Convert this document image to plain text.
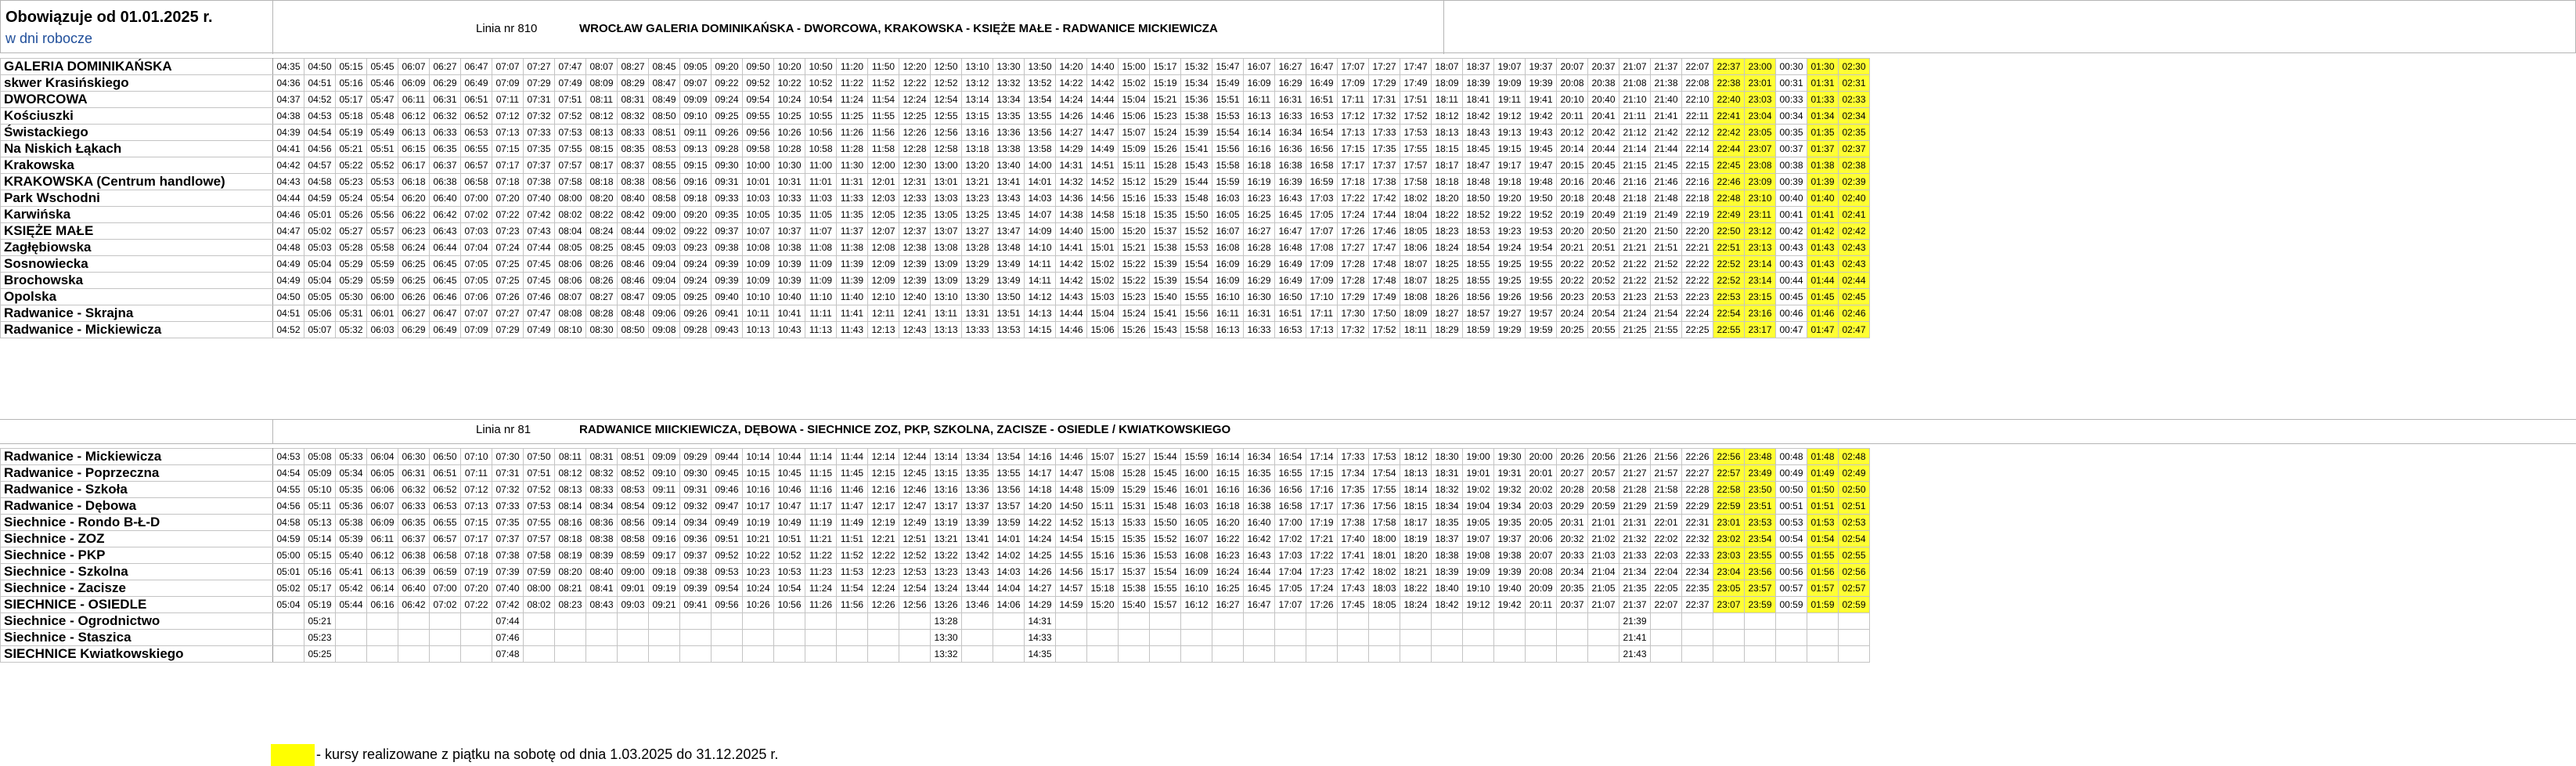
Obowiązuje od 01.01.2025 r.
w dni robocze
Linia nr 810	WROCŁAW GALERIA DOMINIKAŃSKA - DWORCOWA, KRAKOWSKA - KSIĘŻE MAŁE - RADWANICE MICKIEWICZA
GALERIA DOMINIKAŃSKA	04:35	04:50	05:15	05:45	06:07	06:27	06:47	07:07	07:27	07:47	08:07	08:27	08:45	09:05	09:20	09:50	10:20	10:50	11:20	11:50	12:20	12:50	13:10	13:30	13:50	14:20	14:40	15:00	15:17	15:32	15:47	16:07	16:27	16:47	17:07	17:27	17:47	18:07	18:37	19:07	19:37	20:07	20:37	21:07	21:37	22:07	22:37	23:00	00:30	01:30	02:30
skwer Krasińskiego	04:36	04:51	05:16	05:46	06:09	06:29	06:49	07:09	07:29	07:49	08:09	08:29	08:47	09:07	09:22	09:52	10:22	10:52	11:22	11:52	12:22	12:52	13:12	13:32	13:52	14:22	14:42	15:02	15:19	15:34	15:49	16:09	16:29	16:49	17:09	17:29	17:49	18:09	18:39	19:09	19:39	20:08	20:38	21:08	21:38	22:08	22:38	23:01	00:31	01:31	02:31
DWORCOWA	04:37	04:52	05:17	05:47	06:11	06:31	06:51	07:11	07:31	07:51	08:11	08:31	08:49	09:09	09:24	09:54	10:24	10:54	11:24	11:54	12:24	12:54	13:14	13:34	13:54	14:24	14:44	15:04	15:21	15:36	15:51	16:11	16:31	16:51	17:11	17:31	17:51	18:11	18:41	19:11	19:41	20:10	20:40	21:10	21:40	22:10	22:40	23:03	00:33	01:33	02:33
Kościuszki	04:38	04:53	05:18	05:48	06:12	06:32	06:52	07:12	07:32	07:52	08:12	08:32	08:50	09:10	09:25	09:55	10:25	10:55	11:25	11:55	12:25	12:55	13:15	13:35	13:55	14:26	14:46	15:06	15:23	15:38	15:53	16:13	16:33	16:53	17:12	17:32	17:52	18:12	18:42	19:12	19:42	20:11	20:41	21:11	21:41	22:11	22:41	23:04	00:34	01:34	02:34
Świstackiego	04:39	04:54	05:19	05:49	06:13	06:33	06:53	07:13	07:33	07:53	08:13	08:33	08:51	09:11	09:26	09:56	10:26	10:56	11:26	11:56	12:26	12:56	13:16	13:36	13:56	14:27	14:47	15:07	15:24	15:39	15:54	16:14	16:34	16:54	17:13	17:33	17:53	18:13	18:43	19:13	19:43	20:12	20:42	21:12	21:42	22:12	22:42	23:05	00:35	01:35	02:35
Na Niskich Łąkach	04:41	04:56	05:21	05:51	06:15	06:35	06:55	07:15	07:35	07:55	08:15	08:35	08:53	09:13	09:28	09:58	10:28	10:58	11:28	11:58	12:28	12:58	13:18	13:38	13:58	14:29	14:49	15:09	15:26	15:41	15:56	16:16	16:36	16:56	17:15	17:35	17:55	18:15	18:45	19:15	19:45	20:14	20:44	21:14	21:44	22:14	22:44	23:07	00:37	01:37	02:37
Krakowska	04:42	04:57	05:22	05:52	06:17	06:37	06:57	07:17	07:37	07:57	08:17	08:37	08:55	09:15	09:30	10:00	10:30	11:00	11:30	12:00	12:30	13:00	13:20	13:40	14:00	14:31	14:51	15:11	15:28	15:43	15:58	16:18	16:38	16:58	17:17	17:37	17:57	18:17	18:47	19:17	19:47	20:15	20:45	21:15	21:45	22:15	22:45	23:08	00:38	01:38	02:38
KRAKOWSKA (Centrum handlowe)	04:43	04:58	05:23	05:53	06:18	06:38	06:58	07:18	07:38	07:58	08:18	08:38	08:56	09:16	09:31	10:01	10:31	11:01	11:31	12:01	12:31	13:01	13:21	13:41	14:01	14:32	14:52	15:12	15:29	15:44	15:59	16:19	16:39	16:59	17:18	17:38	17:58	18:18	18:48	19:18	19:48	20:16	20:46	21:16	21:46	22:16	22:46	23:09	00:39	01:39	02:39
Park Wschodni	04:44	04:59	05:24	05:54	06:20	06:40	07:00	07:20	07:40	08:00	08:20	08:40	08:58	09:18	09:33	10:03	10:33	11:03	11:33	12:03	12:33	13:03	13:23	13:43	14:03	14:36	14:56	15:16	15:33	15:48	16:03	16:23	16:43	17:03	17:22	17:42	18:02	18:20	18:50	19:20	19:50	20:18	20:48	21:18	21:48	22:18	22:48	23:10	00:40	01:40	02:40
Karwińska	04:46	05:01	05:26	05:56	06:22	06:42	07:02	07:22	07:42	08:02	08:22	08:42	09:00	09:20	09:35	10:05	10:35	11:05	11:35	12:05	12:35	13:05	13:25	13:45	14:07	14:38	14:58	15:18	15:35	15:50	16:05	16:25	16:45	17:05	17:24	17:44	18:04	18:22	18:52	19:22	19:52	20:19	20:49	21:19	21:49	22:19	22:49	23:11	00:41	01:41	02:41
KSIĘŻE MAŁE	04:47	05:02	05:27	05:57	06:23	06:43	07:03	07:23	07:43	08:04	08:24	08:44	09:02	09:22	09:37	10:07	10:37	11:07	11:37	12:07	12:37	13:07	13:27	13:47	14:09	14:40	15:00	15:20	15:37	15:52	16:07	16:27	16:47	17:07	17:26	17:46	18:05	18:23	18:53	19:23	19:53	20:20	20:50	21:20	21:50	22:20	22:50	23:12	00:42	01:42	02:42
Zagłębiowska	04:48	05:03	05:28	05:58	06:24	06:44	07:04	07:24	07:44	08:05	08:25	08:45	09:03	09:23	09:38	10:08	10:38	11:08	11:38	12:08	12:38	13:08	13:28	13:48	14:10	14:41	15:01	15:21	15:38	15:53	16:08	16:28	16:48	17:08	17:27	17:47	18:06	18:24	18:54	19:24	19:54	20:21	20:51	21:21	21:51	22:21	22:51	23:13	00:43	01:43	02:43
Sosnowiecka	04:49	05:04	05:29	05:59	06:25	06:45	07:05	07:25	07:45	08:06	08:26	08:46	09:04	09:24	09:39	10:09	10:39	11:09	11:39	12:09	12:39	13:09	13:29	13:49	14:11	14:42	15:02	15:22	15:39	15:54	16:09	16:29	16:49	17:09	17:28	17:48	18:07	18:25	18:55	19:25	19:55	20:22	20:52	21:22	21:52	22:22	22:52	23:14	00:43	01:43	02:43
Brochowska	04:49	05:04	05:29	05:59	06:25	06:45	07:05	07:25	07:45	08:06	08:26	08:46	09:04	09:24	09:39	10:09	10:39	11:09	11:39	12:09	12:39	13:09	13:29	13:49	14:11	14:42	15:02	15:22	15:39	15:54	16:09	16:29	16:49	17:09	17:28	17:48	18:07	18:25	18:55	19:25	19:55	20:22	20:52	21:22	21:52	22:22	22:52	23:14	00:44	01:44	02:44
Opolska	04:50	05:05	05:30	06:00	06:26	06:46	07:06	07:26	07:46	08:07	08:27	08:47	09:05	09:25	09:40	10:10	10:40	11:10	11:40	12:10	12:40	13:10	13:30	13:50	14:12	14:43	15:03	15:23	15:40	15:55	16:10	16:30	16:50	17:10	17:29	17:49	18:08	18:26	18:56	19:26	19:56	20:23	20:53	21:23	21:53	22:23	22:53	23:15	00:45	01:45	02:45
Radwanice - Skrajna	04:51	05:06	05:31	06:01	06:27	06:47	07:07	07:27	07:47	08:08	08:28	08:48	09:06	09:26	09:41	10:11	10:41	11:11	11:41	12:11	12:41	13:11	13:31	13:51	14:13	14:44	15:04	15:24	15:41	15:56	16:11	16:31	16:51	17:11	17:30	17:50	18:09	18:27	18:57	19:27	19:57	20:24	20:54	21:24	21:54	22:24	22:54	23:16	00:46	01:46	02:46
Radwanice - Mickiewicza	04:52	05:07	05:32	06:03	06:29	06:49	07:09	07:29	07:49	08:10	08:30	08:50	09:08	09:28	09:43	10:13	10:43	11:13	11:43	12:13	12:43	13:13	13:33	13:53	14:15	14:46	15:06	15:26	15:43	15:58	16:13	16:33	16:53	17:13	17:32	17:52	18:11	18:29	18:59	19:29	19:59	20:25	20:55	21:25	21:55	22:25	22:55	23:17	00:47	01:47	02:47
Linia nr 81	RADWANICE MIICKIEWICZA, DĘBOWA - SIECHNICE ZOZ, PKP, SZKOLNA, ZACISZE - OSIEDLE / KWIATKOWSKIEGO
Radwanice - Mickiewicza	04:53	05:08	05:33	06:04	06:30	06:50	07:10	07:30	07:50	08:11	08:31	08:51	09:09	09:29	09:44	10:14	10:44	11:14	11:44	12:14	12:44	13:14	13:34	13:54	14:16	14:46	15:07	15:27	15:44	15:59	16:14	16:34	16:54	17:14	17:33	17:53	18:12	18:30	19:00	19:30	20:00	20:26	20:56	21:26	21:56	22:26	22:56	23:48	00:48	01:48	02:48
Radwanice - Poprzeczna	04:54	05:09	05:34	06:05	06:31	06:51	07:11	07:31	07:51	08:12	08:32	08:52	09:10	09:30	09:45	10:15	10:45	11:15	11:45	12:15	12:45	13:15	13:35	13:55	14:17	14:47	15:08	15:28	15:45	16:00	16:15	16:35	16:55	17:15	17:34	17:54	18:13	18:31	19:01	19:31	20:01	20:27	20:57	21:27	21:57	22:27	22:57	23:49	00:49	01:49	02:49
Radwanice - Szkoła	04:55	05:10	05:35	06:06	06:32	06:52	07:12	07:32	07:52	08:13	08:33	08:53	09:11	09:31	09:46	10:16	10:46	11:16	11:46	12:16	12:46	13:16	13:36	13:56	14:18	14:48	15:09	15:29	15:46	16:01	16:16	16:36	16:56	17:16	17:35	17:55	18:14	18:32	19:02	19:32	20:02	20:28	20:58	21:28	21:58	22:28	22:58	23:50	00:50	01:50	02:50
Radwanice - Dębowa	04:56	05:11	05:36	06:07	06:33	06:53	07:13	07:33	07:53	08:14	08:34	08:54	09:12	09:32	09:47	10:17	10:47	11:17	11:47	12:17	12:47	13:17	13:37	13:57	14:20	14:50	15:11	15:31	15:48	16:03	16:18	16:38	16:58	17:17	17:36	17:56	18:15	18:34	19:04	19:34	20:03	20:29	20:59	21:29	21:59	22:29	22:59	23:51	00:51	01:51	02:51
Siechnice - Rondo B-Ł-D	04:58	05:13	05:38	06:09	06:35	06:55	07:15	07:35	07:55	08:16	08:36	08:56	09:14	09:34	09:49	10:19	10:49	11:19	11:49	12:19	12:49	13:19	13:39	13:59	14:22	14:52	15:13	15:33	15:50	16:05	16:20	16:40	17:00	17:19	17:38	17:58	18:17	18:35	19:05	19:35	20:05	20:31	21:01	21:31	22:01	22:31	23:01	23:53	00:53	01:53	02:53
Siechnice - ZOZ	04:59	05:14	05:39	06:11	06:37	06:57	07:17	07:37	07:57	08:18	08:38	08:58	09:16	09:36	09:51	10:21	10:51	11:21	11:51	12:21	12:51	13:21	13:41	14:01	14:24	14:54	15:15	15:35	15:52	16:07	16:22	16:42	17:02	17:21	17:40	18:00	18:19	18:37	19:07	19:37	20:06	20:32	21:02	21:32	22:02	22:32	23:02	23:54	00:54	01:54	02:54
Siechnice - PKP	05:00	05:15	05:40	06:12	06:38	06:58	07:18	07:38	07:58	08:19	08:39	08:59	09:17	09:37	09:52	10:22	10:52	11:22	11:52	12:22	12:52	13:22	13:42	14:02	14:25	14:55	15:16	15:36	15:53	16:08	16:23	16:43	17:03	17:22	17:41	18:01	18:20	18:38	19:08	19:38	20:07	20:33	21:03	21:33	22:03	22:33	23:03	23:55	00:55	01:55	02:55
Siechnice - Szkolna	05:01	05:16	05:41	06:13	06:39	06:59	07:19	07:39	07:59	08:20	08:40	09:00	09:18	09:38	09:53	10:23	10:53	11:23	11:53	12:23	12:53	13:23	13:43	14:03	14:26	14:56	15:17	15:37	15:54	16:09	16:24	16:44	17:04	17:23	17:42	18:02	18:21	18:39	19:09	19:39	20:08	20:34	21:04	21:34	22:04	22:34	23:04	23:56	00:56	01:56	02:56
Siechnice - Zacisze	05:02	05:17	05:42	06:14	06:40	07:00	07:20	07:40	08:00	08:21	08:41	09:01	09:19	09:39	09:54	10:24	10:54	11:24	11:54	12:24	12:54	13:24	13:44	14:04	14:27	14:57	15:18	15:38	15:55	16:10	16:25	16:45	17:05	17:24	17:43	18:03	18:22	18:40	19:10	19:40	20:09	20:35	21:05	21:35	22:05	22:35	23:05	23:57	00:57	01:57	02:57
SIECHNICE - OSIEDLE	05:04	05:19	05:44	06:16	06:42	07:02	07:22	07:42	08:02	08:23	08:43	09:03	09:21	09:41	09:56	10:26	10:56	11:26	11:56	12:26	12:56	13:26	13:46	14:06	14:29	14:59	15:20	15:40	15:57	16:12	16:27	16:47	17:07	17:26	17:45	18:05	18:24	18:42	19:12	19:42	20:11	20:37	21:07	21:37	22:07	22:37	23:07	23:59	00:59	01:59	02:59
Siechnice - Ogrodnictwo		05:21						07:44														13:28			14:31																			21:39							
Siechnice - Staszica		05:23						07:46														13:30			14:33																			21:41							
SIECHNICE Kwiatkowskiego		05:25						07:48														13:32			14:35																			21:43							
- kursy realizowane z piątku na sobotę od dnia 1.03.2025 do 31.12.2025 r.
